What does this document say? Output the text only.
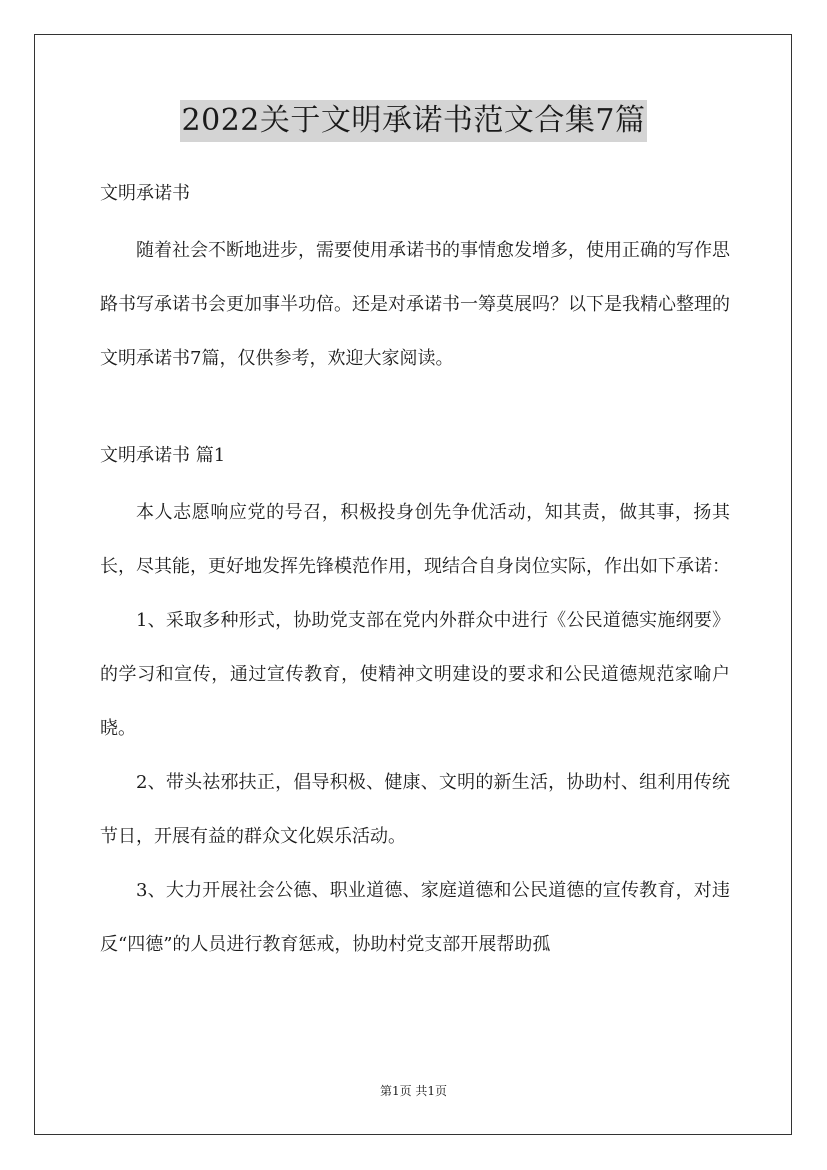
2022关于文明承诺书范文合集7篇

文明承诺书

随着社会不断地进步，需要使用承诺书的事情愈发增多，使用正确的写作思路书写承诺书会更加事半功倍。还是对承诺书一筹莫展吗？以下是我精心整理的文明承诺书7篇，仅供参考，欢迎大家阅读。

文明承诺书 篇1

本人志愿响应党的号召，积极投身创先争优活动，知其责，做其事，扬其长，尽其能，更好地发挥先锋模范作用，现结合自身岗位实际，作出如下承诺：

1、采取多种形式，协助党支部在党内外群众中进行《公民道德实施纲要》的学习和宣传，通过宣传教育，使精神文明建设的要求和公民道德规范家喻户晓。

2、带头祛邪扶正，倡导积极、健康、文明的新生活，协助村、组利用传统节日，开展有益的群众文化娱乐活动。

3、大力开展社会公德、职业道德、家庭道德和公民道德的宣传教育，对违反“四德”的人员进行教育惩戒，协助村党支部开展帮助孤

第1页 共1页
